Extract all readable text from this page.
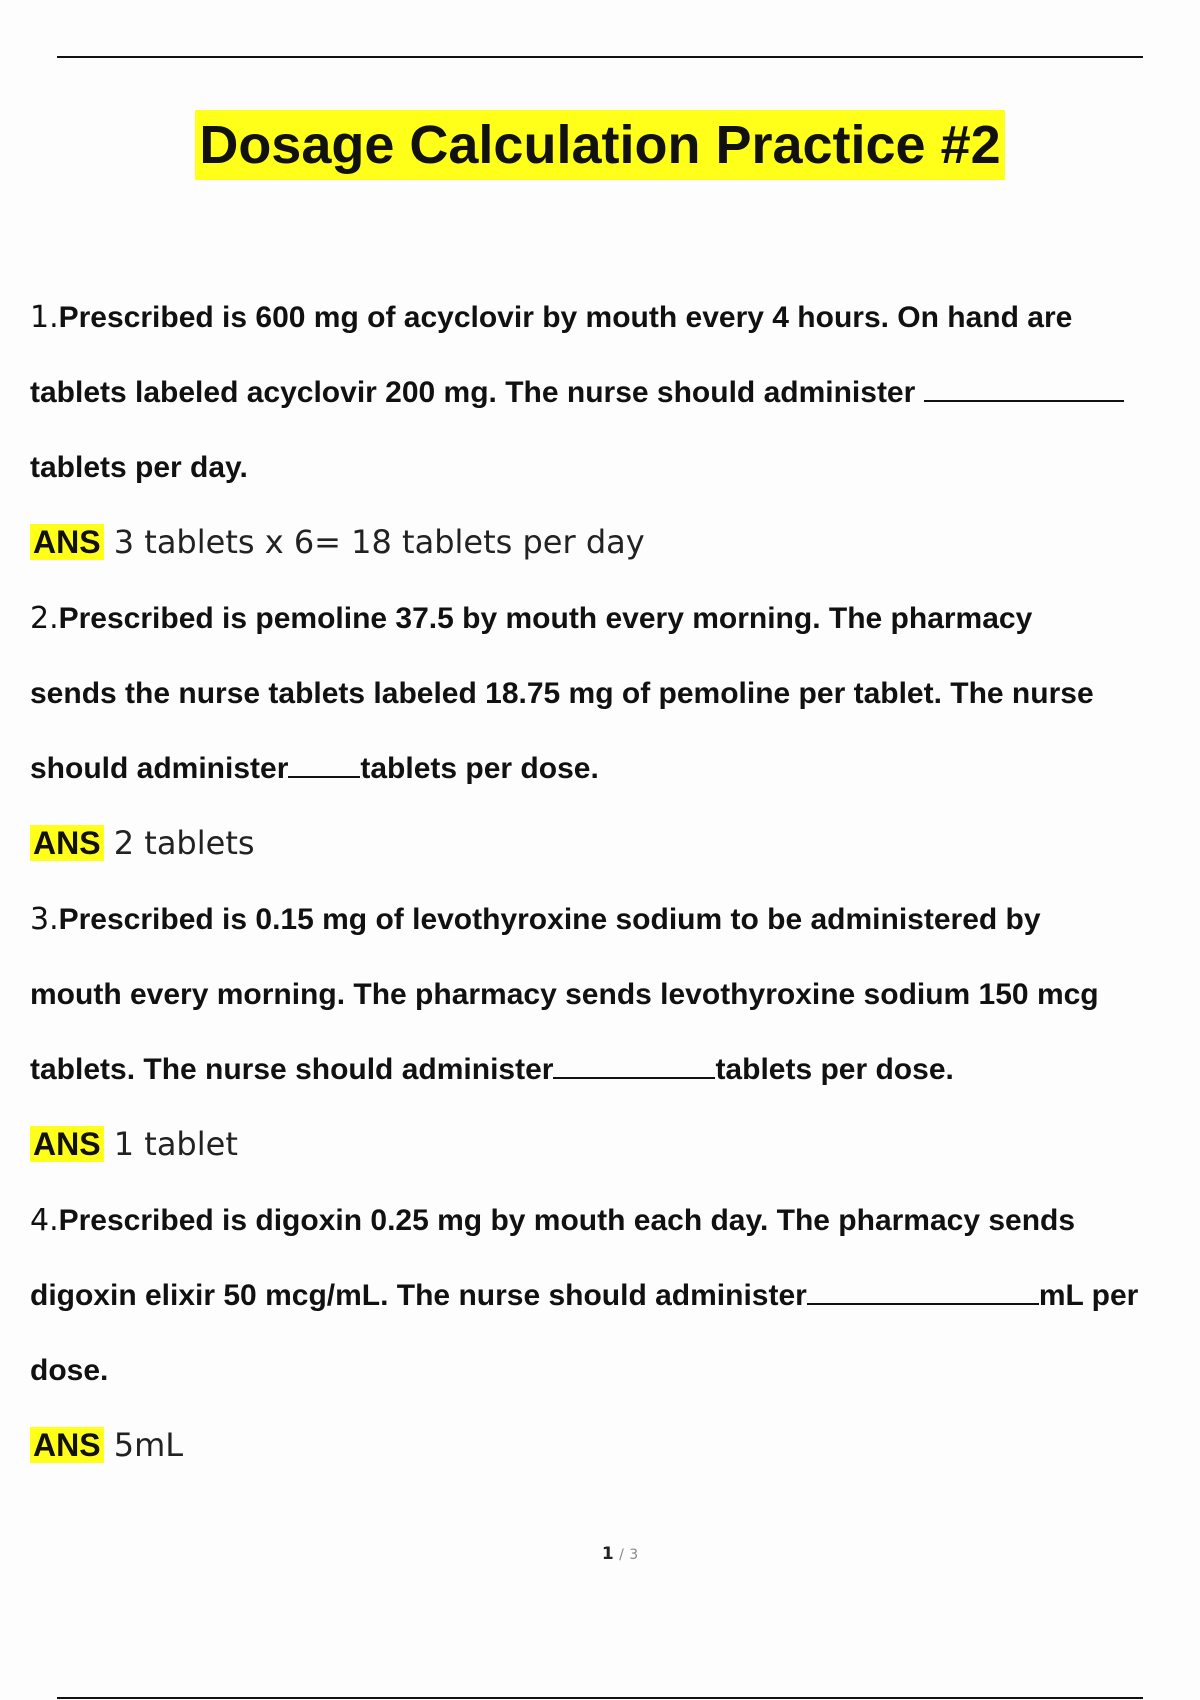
Dosage Calculation Practice #2
1.Prescribed is 600 mg of acyclovir by mouth every 4 hours. On hand are
tablets labeled acyclovir 200 mg. The nurse should administer
tablets per day.
ANS 3 tablets x 6= 18 tablets per day
2.Prescribed is pemoline 37.5 by mouth every morning. The pharmacy
sends the nurse tablets labeled 18.75 mg of pemoline per tablet. The nurse
should administer tablets per dose.
ANS 2 tablets
3.Prescribed is 0.15 mg of levothyroxine sodium to be administered by
mouth every morning. The pharmacy sends levothyroxine sodium 150 mcg
tablets. The nurse should administer	tablets per dose.
ANS 1 tablet
4.Prescribed is digoxin 0.25 mg by mouth each day. The pharmacy sends
digoxin elixir 50 mcg/mL. The nurse should administer	mL per
dose.
ANS 5mL
1 / 3
